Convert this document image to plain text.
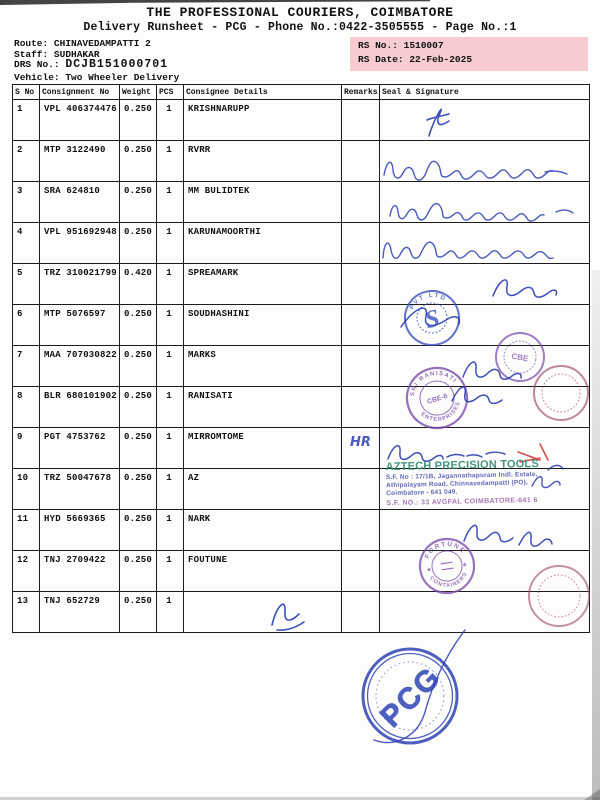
THE PROFESSIONAL COURIERS, COIMBATORE
Delivery Runsheet - PCG - Phone No.:0422-3505555 - Page No.:1
Route: CHINAVEDAMPATTI 2
Staff: SUDHAKAR
DRS No.: DCJB151000701
Vehicle: Two Wheeler Delivery
RS No.: 1510007
RS Date: 22-Feb-2025
S No	Consignment No	Weight	PCS	Consignee Details	Remarks	Seal & Signature
1	VPL 406374476	0.250	1	KRISHNARUPP		
2	MTP 3122490	0.250	1	RVRR		
3	SRA 624810	0.250	1	MM BULIDTEK		
4	VPL 951692948	0.250	1	KARUNAMOORTHI		
5	TRZ 310021799	0.420	1	SPREAMARK		
6	MTP 5076597	0.250	1	SOUDHASHINI		
7	MAA 707030822	0.250	1	MARKS		
8	BLR 680101902	0.250	1	RANISATI		
9	PGT 4753762	0.250	1	MIRROMTOME		
10	TRZ 50047678	0.250	1	AZ		
11	HYD 5669365	0.250	1	NARK		
12	TNJ 2709422	0.250	1	FOUTUNE		
13	TNJ 652729	0.250	1			
AZTECH PRECISION TOOLS
S.F. No : 17/1B, Jagannathapuram Indl. Estate,
Athipalayam Road, Chinnavedampatti (PO),
Coimbatore - 641 049.
S.F. NO.: 33 AVGFAL COIMBATORE-641 6
PVT LTD
S
CBE
SRI RANISATI
ENTERPRISES
CBE-6
HR
FORTUNE
CONTAINERS
★
★
PCG
